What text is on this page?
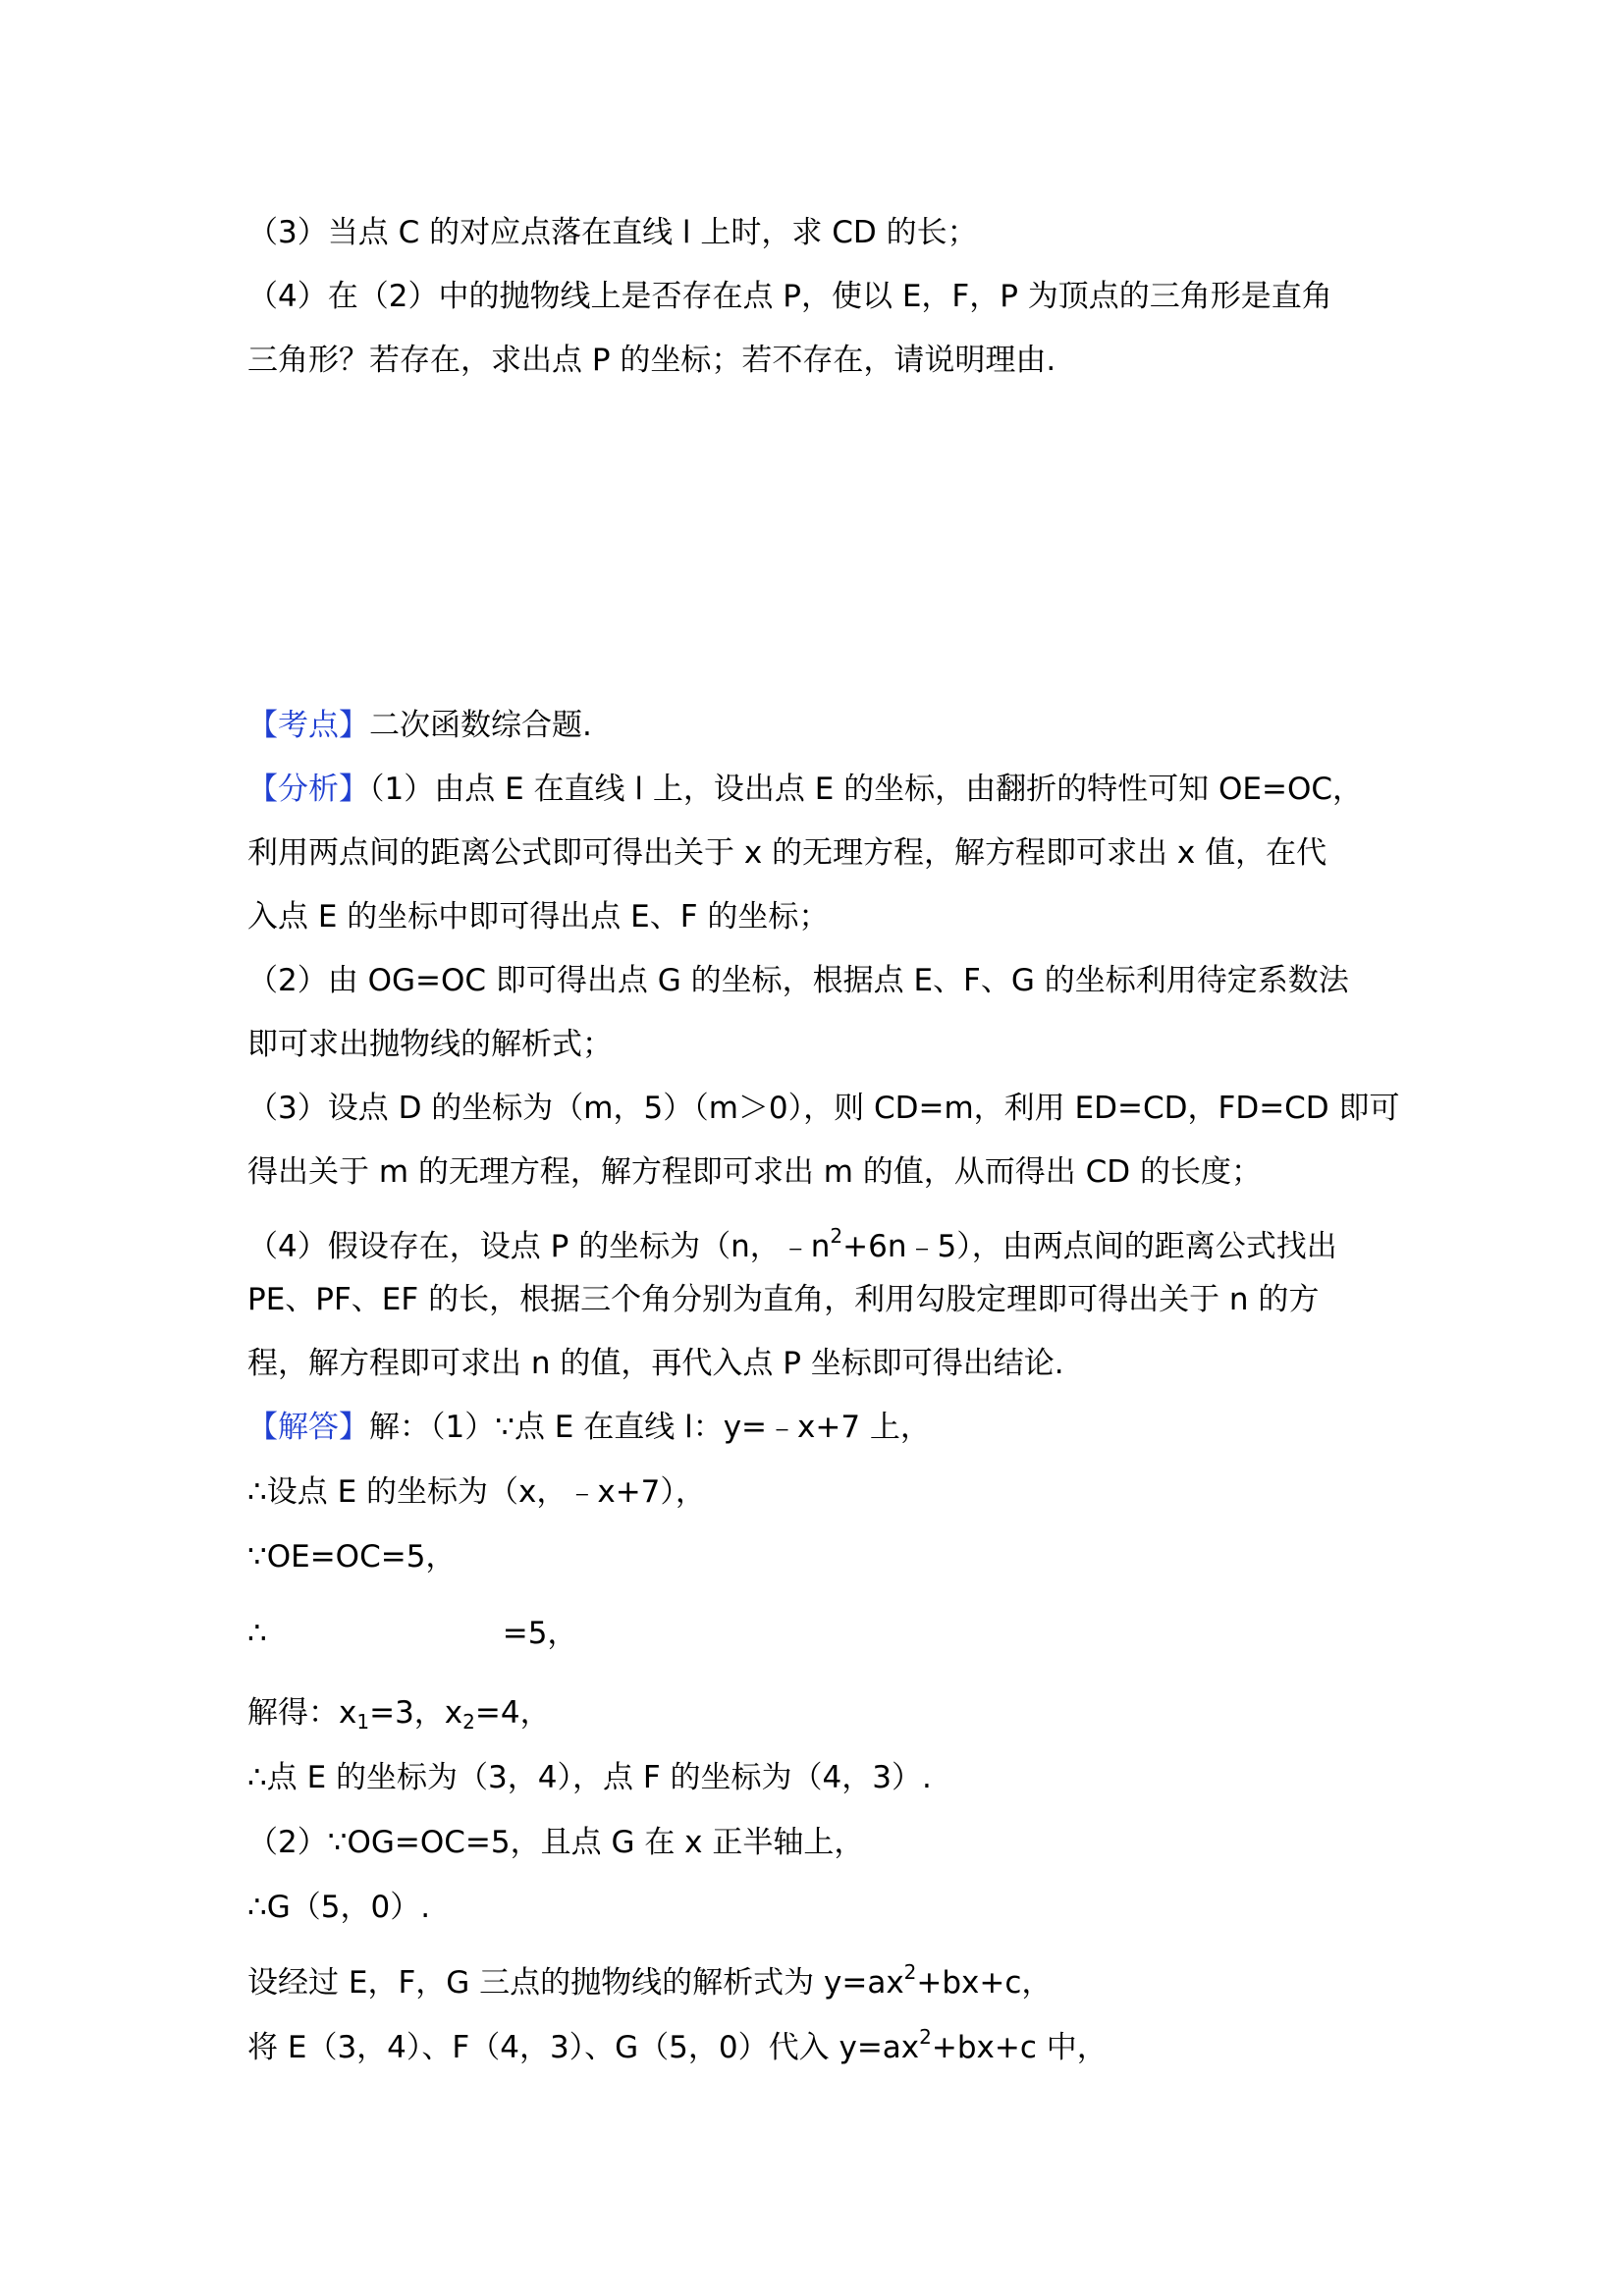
（3）当点 C 的对应点落在直线 l 上时，求 CD 的长；
（4）在（2）中的抛物线上是否存在点 P，使以 E，F，P 为顶点的三角形是直角
三角形？若存在，求出点 P 的坐标；若不存在，请说明理由.
【考点】二次函数综合题.
【分析】（1）由点 E 在直线 l 上，设出点 E 的坐标，由翻折的特性可知 OE=OC，
利用两点间的距离公式即可得出关于 x 的无理方程，解方程即可求出 x 值，在代
入点 E 的坐标中即可得出点 E、F 的坐标；
（2）由 OG=OC 即可得出点 G 的坐标，根据点 E、F、G 的坐标利用待定系数法
即可求出抛物线的解析式；
（3）设点 D 的坐标为（m，5）（m＞0），则 CD=m，利用 ED=CD，FD=CD 即可
得出关于 m 的无理方程，解方程即可求出 m 的值，从而得出 CD 的长度；
（4）假设存在，设点 P 的坐标为（n，$﹣n^2+6n﹣5$），由两点间的距离公式找出
PE、PF、EF 的长，根据三个角分别为直角，利用勾股定理即可得出关于 n 的方
程，解方程即可求出 n 的值，再代入点 P 坐标即可得出结论.
【解答】解：（1）∵点 E 在直线 l：y=﹣x+7 上，
∴设点 E 的坐标为（x，﹣x+7），
∵OE=OC=5，
∴	=5，
解得：$x_1=3$，$x_2=4$，
∴点 E 的坐标为（3，4），点 F 的坐标为（4，3）.
（2）∵OG=OC=5，且点 G 在 x 正半轴上，
∴G（5，0）.
设经过 E，F，G 三点的抛物线的解析式为 $y=ax^2+bx+c$，
将 E（3，4）、F（4，3）、G（5，0）代入 $y=ax^2+bx+c$ 中，
